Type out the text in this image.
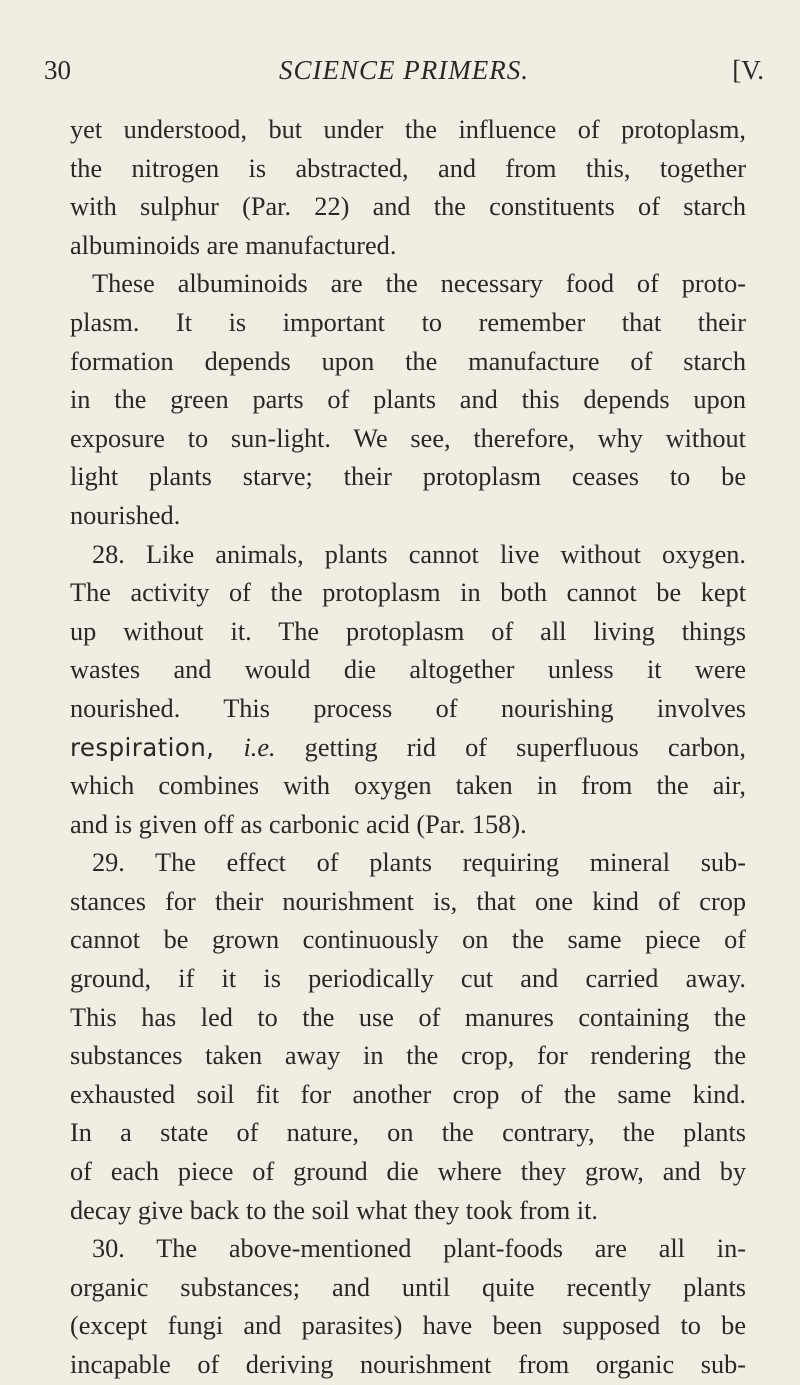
30	SCIENCE PRIMERS.	[V.
yet understood, but under the influence of protoplasm,
the nitrogen is abstracted, and from this, together
with sulphur (Par. 22) and the constituents of starch
albuminoids are manufactured.
These albuminoids are the necessary food of proto-
plasm. It is important to remember that their
formation depends upon the manufacture of starch
in the green parts of plants and this depends upon
exposure to sun-light. We see, therefore, why without
light plants starve; their protoplasm ceases to be
nourished.
28. Like animals, plants cannot live without oxygen.
The activity of the protoplasm in both cannot be kept
up without it. The protoplasm of all living things
wastes and would die altogether unless it were
nourished. This process of nourishing involves
respiration, i.e. getting rid of superfluous carbon,
which combines with oxygen taken in from the air,
and is given off as carbonic acid (Par. 158).
29. The effect of plants requiring mineral sub-
stances for their nourishment is, that one kind of crop
cannot be grown continuously on the same piece of
ground, if it is periodically cut and carried away.
This has led to the use of manures containing the
substances taken away in the crop, for rendering the
exhausted soil fit for another crop of the same kind.
In a state of nature, on the contrary, the plants
of each piece of ground die where they grow, and by
decay give back to the soil what they took from it.
30. The above-mentioned plant-foods are all in-
organic substances; and until quite recently plants
(except fungi and parasites) have been supposed to be
incapable of deriving nourishment from organic sub-
